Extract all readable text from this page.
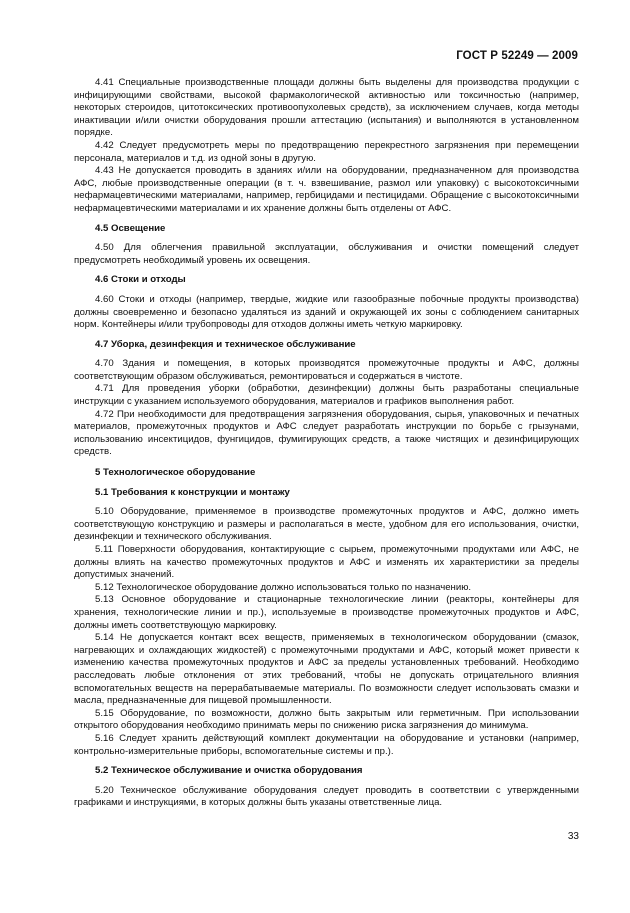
ГОСТ Р 52249 — 2009

4.41 Специальные производственные площади должны быть выделены для производства продукции с инфицирующими свойствами, высокой фармакологической активностью или токсичностью (например, некоторых стероидов, цитотоксических противоопухолевых средств), за исключением случаев, когда методы инактивации и/или очистки оборудования прошли аттестацию (испытания) и выполняются в установленном порядке.

4.42 Следует предусмотреть меры по предотвращению перекрестного загрязнения при перемещении персонала, материалов и т.д. из одной зоны в другую.

4.43 Не допускается проводить в зданиях и/или на оборудовании, предназначенном для производства АФС, любые производственные операции (в т. ч. взвешивание, размол или упаковку) с высокотоксичными нефармацевтическими материалами, например, гербицидами и пестицидами. Обращение с высокотоксичными нефармацевтическими материалами и их хранение должны быть отделены от АФС.

4.5 Освещение

4.50 Для облегчения правильной эксплуатации, обслуживания и очистки помещений следует предусмотреть необходимый уровень их освещения.

4.6 Стоки и отходы

4.60 Стоки и отходы (например, твердые, жидкие или газообразные побочные продукты производства) должны своевременно и безопасно удаляться из зданий и окружающей их зоны с соблюдением санитарных норм. Контейнеры и/или трубопроводы для отходов должны иметь четкую маркировку.

4.7 Уборка, дезинфекция и техническое обслуживание

4.70 Здания и помещения, в которых производятся промежуточные продукты и АФС, должны соответствующим образом обслуживаться, ремонтироваться и содержаться в чистоте.

4.71 Для проведения уборки (обработки, дезинфекции) должны быть разработаны специальные инструкции с указанием используемого оборудования, материалов и графиков выполнения работ.

4.72 При необходимости для предотвращения загрязнения оборудования, сырья, упаковочных и печатных материалов, промежуточных продуктов и АФС следует разработать инструкции по борьбе с грызунами, использованию инсектицидов, фунгицидов, фумигирующих средств, а также чистящих и дезинфицирующих средств.

5 Технологическое оборудование
5.1 Требования к конструкции и монтажу

5.10 Оборудование, применяемое в производстве промежуточных продуктов и АФС, должно иметь соответствующую конструкцию и размеры и располагаться в месте, удобном для его использования, очистки, дезинфекции и технического обслуживания.

5.11 Поверхности оборудования, контактирующие с сырьем, промежуточными продуктами или АФС, не должны влиять на качество промежуточных продуктов и АФС и изменять их характеристики за пределы допустимых значений.

5.12 Технологическое оборудование должно использоваться только по назначению.

5.13 Основное оборудование и стационарные технологические линии (реакторы, контейнеры для хранения, технологические линии и пр.), используемые в производстве промежуточных продуктов и АФС, должны иметь соответствующую маркировку.

5.14 Не допускается контакт всех веществ, применяемых в технологическом оборудовании (смазок, нагревающих и охлаждающих жидкостей) с промежуточными продуктами и АФС, который может привести к изменению качества промежуточных продуктов и АФС за пределы установленных требований. Необходимо расследовать любые отклонения от этих требований, чтобы не допускать отрицательного влияния вспомогательных веществ на перерабатываемые материалы. По возможности следует использовать смазки и масла, предназначенные для пищевой промышленности.

5.15 Оборудование, по возможности, должно быть закрытым или герметичным. При использовании открытого оборудования необходимо принимать меры по снижению риска загрязнения до минимума.

5.16 Следует хранить действующий комплект документации на оборудование и установки (например, контрольно-измерительные приборы, вспомогательные системы и пр.).

5.2 Техническое обслуживание и очистка оборудования

5.20 Техническое обслуживание оборудования следует проводить в соответствии с утвержденными графиками и инструкциями, в которых должны быть указаны ответственные лица.

33
